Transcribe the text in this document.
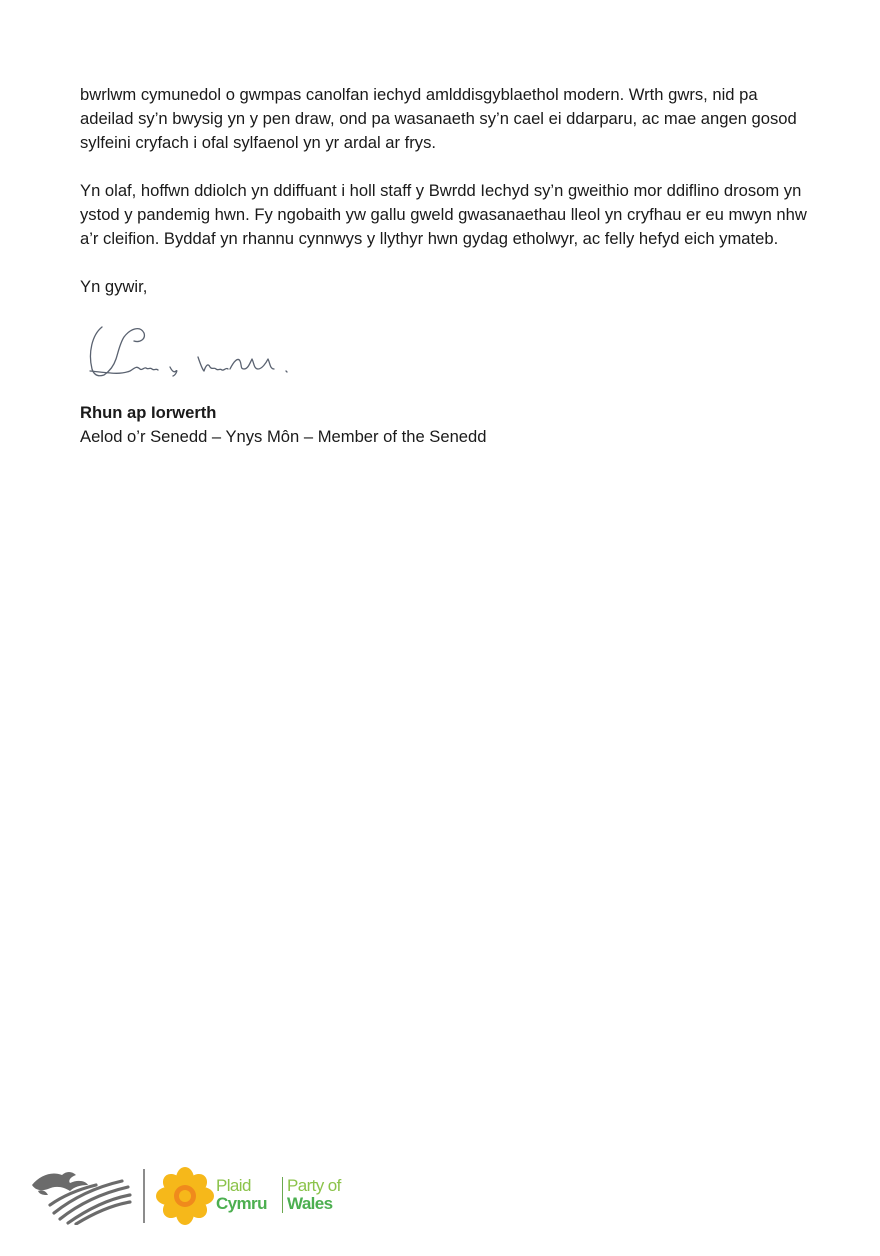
bwrlwm cymunedol o gwmpas canolfan iechyd amlddisgyblaethol modern. Wrth gwrs, nid pa adeilad sy’n bwysig yn y pen draw, ond pa wasanaeth sy’n cael ei ddarparu, ac mae angen gosod sylfeini cryfach i ofal sylfaenol yn yr ardal ar frys.

Yn olaf, hoffwn ddiolch yn ddiffuant i holl staff y Bwrdd Iechyd sy’n gweithio mor ddiflino drosom yn ystod y pandemig hwn. Fy ngobaith yw gallu gweld gwasanaethau lleol yn cryfhau er eu mwyn nhw a’r cleifion. Byddaf yn rhannu cynnwys y llythyr hwn gydag etholwyr, ac felly hefyd eich ymateb.

Yn gywir,

Rhun ap Iorwerth

Aelod o’r Senedd – Ynys Môn – Member of the Senedd

Plaid
Cymru
Party of
Wales
